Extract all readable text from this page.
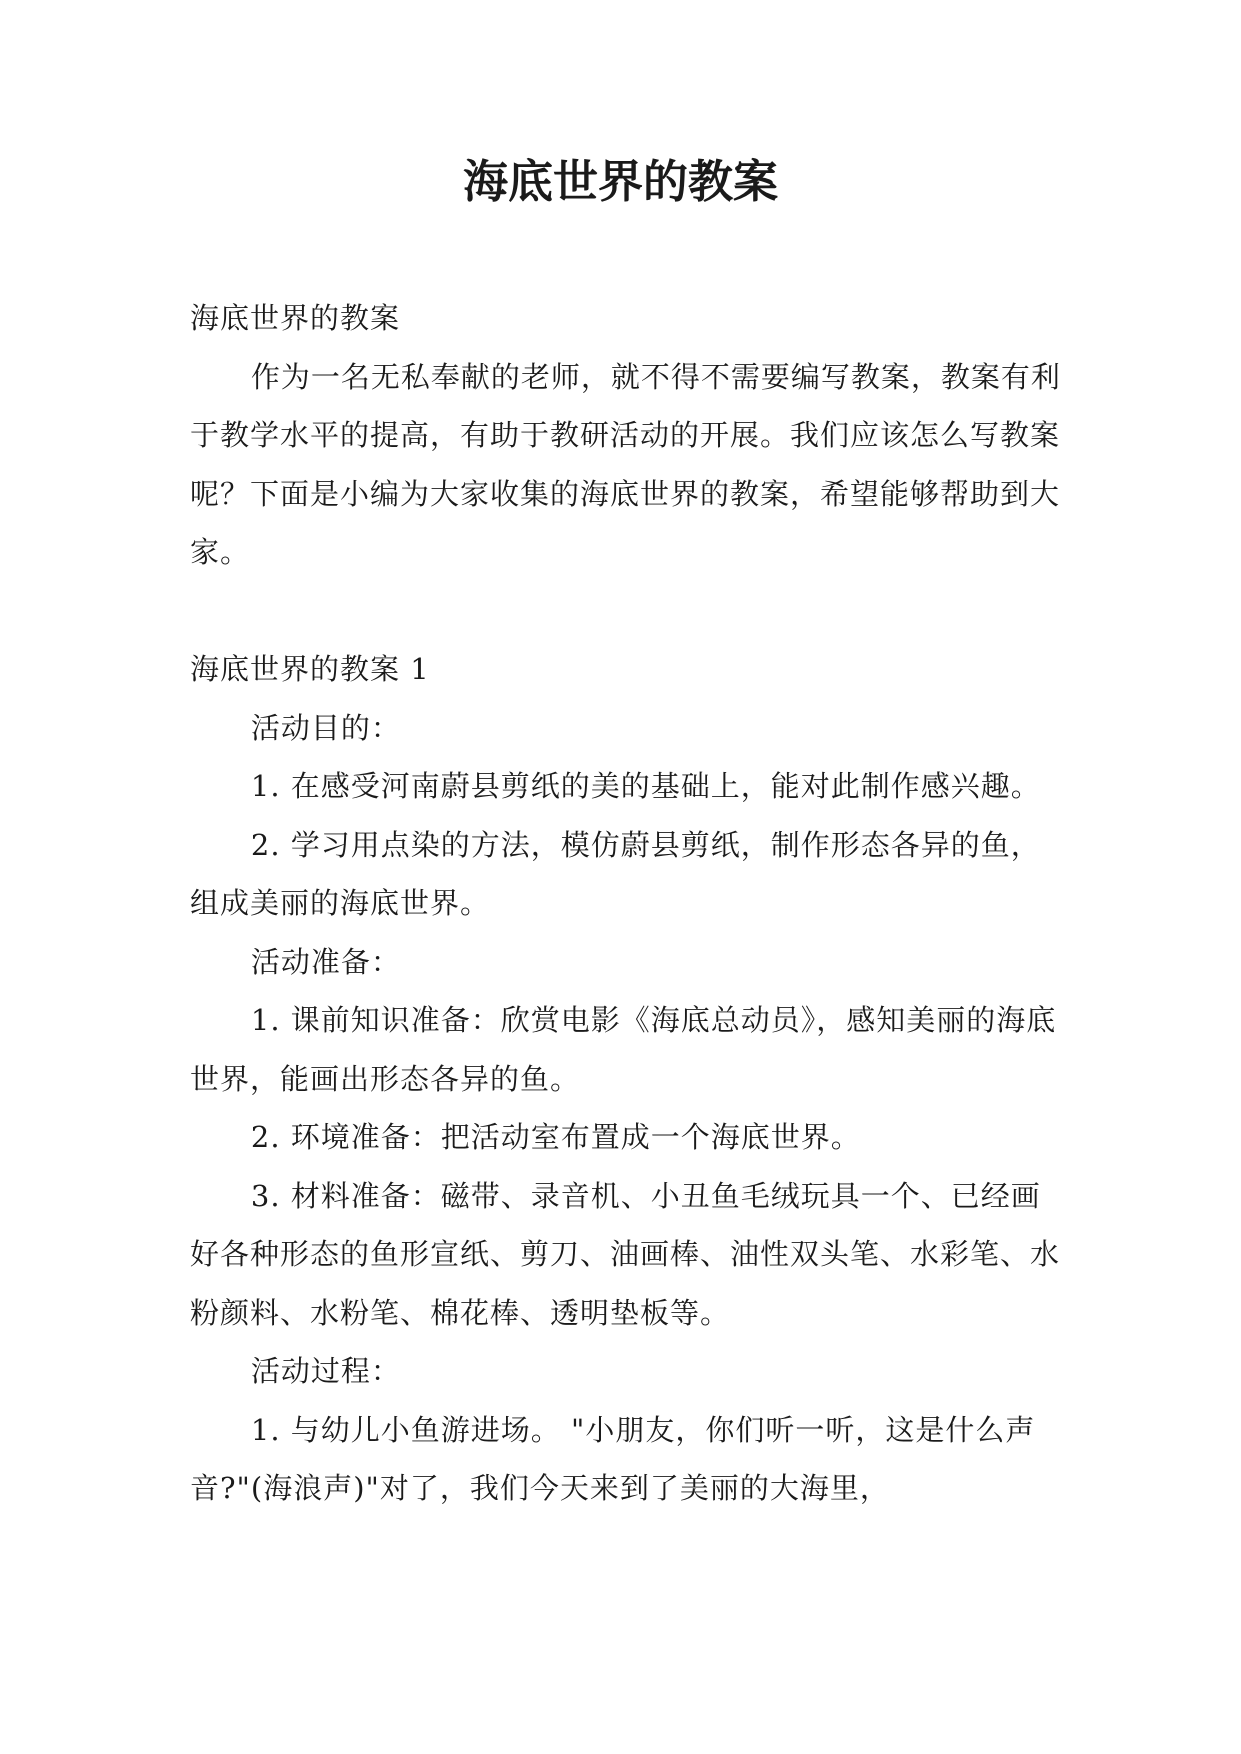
海底世界的教案

海底世界的教案

作为一名无私奉献的老师，就不得不需要编写教案，教案有利于教学水平的提高，有助于教研活动的开展。我们应该怎么写教案呢？下面是小编为大家收集的海底世界的教案，希望能够帮助到大家。

海底世界的教案 1

活动目的：

1. 在感受河南蔚县剪纸的美的基础上，能对此制作感兴趣。

2. 学习用点染的方法，模仿蔚县剪纸，制作形态各异的鱼，组成美丽的海底世界。

活动准备：

1. 课前知识准备：欣赏电影《海底总动员》，感知美丽的海底世界，能画出形态各异的鱼。

2. 环境准备：把活动室布置成一个海底世界。

3. 材料准备：磁带、录音机、小丑鱼毛绒玩具一个、已经画好各种形态的鱼形宣纸、剪刀、油画棒、油性双头笔、水彩笔、水粉颜料、水粉笔、棉花棒、透明垫板等。

活动过程：

1. 与幼儿小鱼游进场。 "小朋友，你们听一听，这是什么声音?"(海浪声)"对了，我们今天来到了美丽的大海里，
